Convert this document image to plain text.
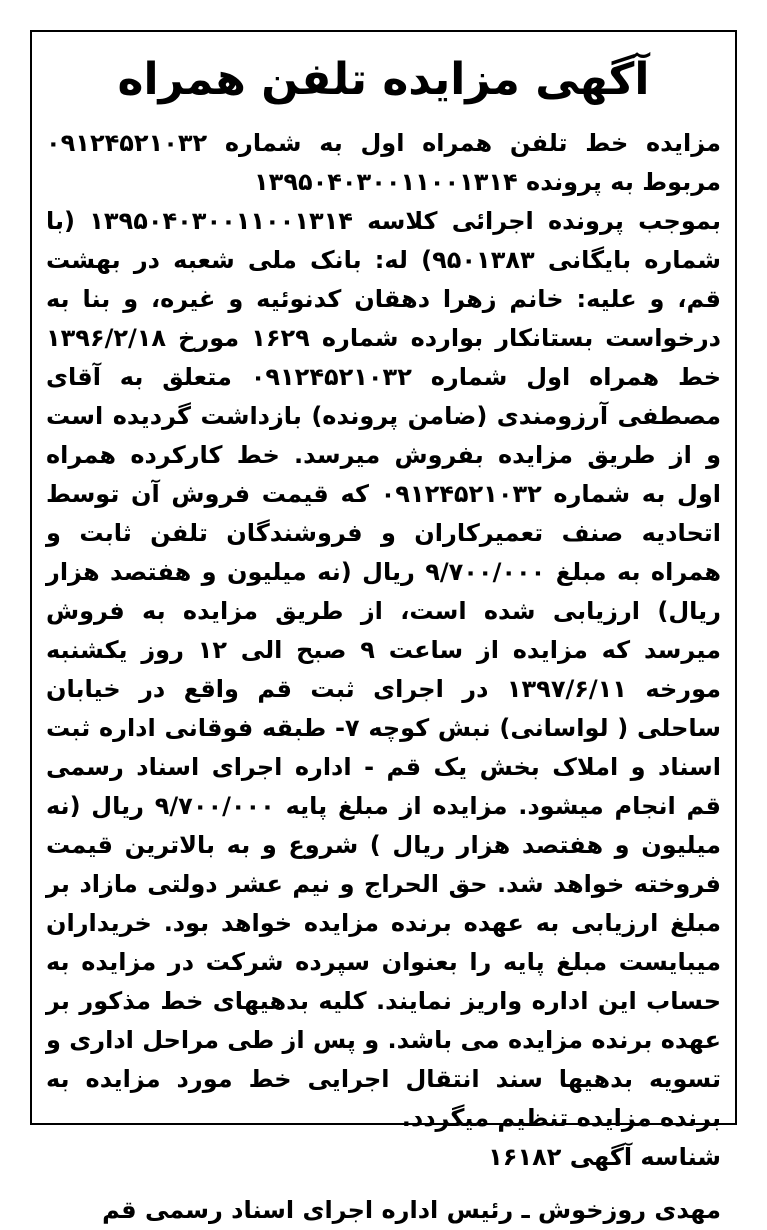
آگهی مزایده تلفن همراه

مزایده خط تلفن همراه اول به شماره ۰۹۱۲۴۵۲۱۰۳۲ مربوط به پرونده ۱۳۹۵۰۴۰۳۰۰۱۱۰۰۱۳۱۴

بموجب پرونده اجرائی کلاسه ۱۳۹۵۰۴۰۳۰۰۱۱۰۰۱۳۱۴ (با شماره بایگانی ۹۵۰۱۳۸۳) له: بانک ملی شعبه در بهشت قم، و علیه: خانم زهرا دهقان کدنوئیه و غیره، و بنا به درخواست بستانکار بوارده شماره ۱۶۲۹ مورخ ۱۳۹۶/۲/۱۸ خط همراه اول شماره ۰۹۱۲۴۵۲۱۰۳۲ متعلق به آقای مصطفی آرزومندی (ضامن پرونده) بازداشت گردیده است و از طریق مزایده بفروش میرسد. خط کارکرده همراه اول به شماره ۰۹۱۲۴۵۲۱۰۳۲ که قیمت فروش آن توسط اتحادیه صنف تعمیرکاران و فروشندگان تلفن ثابت و همراه به مبلغ ۹/۷۰۰/۰۰۰ ریال (نه میلیون و هفتصد هزار ریال) ارزیابی شده است، از طریق مزایده به فروش میرسد که مزایده از ساعت ۹ صبح الی ۱۲ روز یکشنبه مورخه ۱۳۹۷/۶/۱۱ در اجرای ثبت قم واقع در خیابان ساحلی ( لواسانی) نبش کوچه ۷- طبقه فوقانی اداره ثبت اسناد و املاک بخش یک قم - اداره اجرای اسناد رسمی قم انجام میشود. مزایده از مبلغ پایه ۹/۷۰۰/۰۰۰ ریال (نه میلیون و هفتصد هزار ریال ) شروع و به بالاترین قیمت فروخته خواهد شد. حق الحراج و نیم عشر دولتی مازاد بر مبلغ ارزیابی به عهده برنده مزایده خواهد بود. خریداران میبایست مبلغ پایه را بعنوان سپرده شرکت در مزایده به حساب این اداره واریز نمایند. کلیه بدهیهای خط مذکور بر عهده برنده مزایده می باشد. و پس از طی مراحل اداری و تسویه بدهیها سند انتقال اجرایی خط مورد مزایده به برنده مزایده تنظیم میگردد.

شناسه آگهی ۱۶۱۸۲

مهدی روزخوش ـ رئیس اداره اجرای اسناد رسمی قم
